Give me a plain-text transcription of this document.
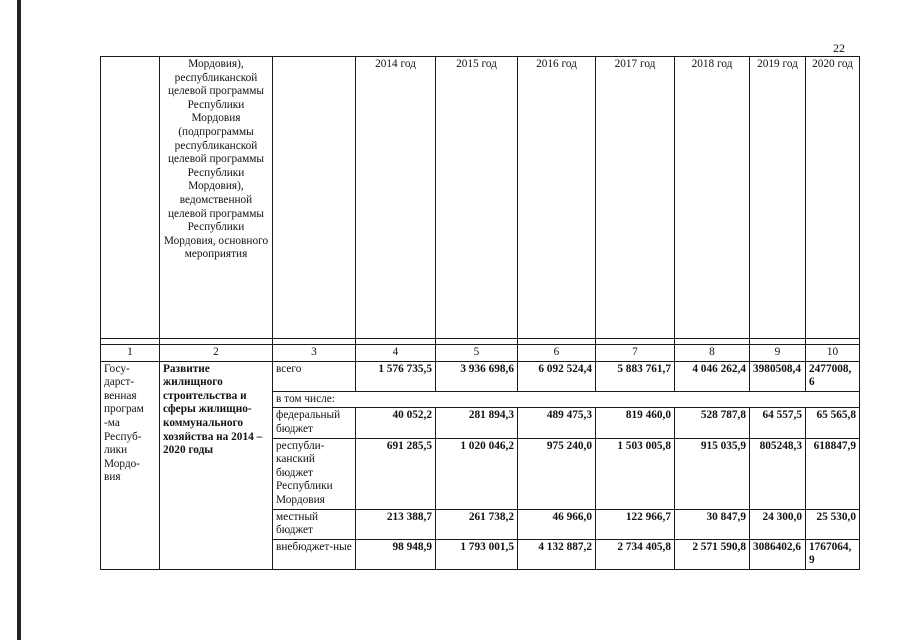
22
	Мордовия), республиканской целевой программы Республики Мордовия (подпрограммы республиканской целевой программы Республики Мордовия), ведомственной целевой программы Республики Мордовия, основного мероприятия		2014 год	2015 год	2016 год	2017 год	2018 год	2019 год	2020 год

1	2	3	4	5	6	7	8	9	10
Госу-дарст-венная програм -ма Респуб-лики Мордо-вия	Развитие жилищного строительства и сферы жилищно-коммунального хозяйства на 2014 – 2020 годы	всего	1 576 735,5	3 936 698,6	6 092 524,4	5 883 761,7	4 046 262,4	3980508,4	2477008,6
		в том числе:							
		федеральный бюджет	40 052,2	281 894,3	489 475,3	819 460,0	528 787,8	64 557,5	65 565,8
		республи-канский бюджет Республики Мордовия	691 285,5	1 020 046,2	975 240,0	1 503 005,8	915 035,9	805248,3	618847,9
		местный бюджет	213 388,7	261 738,2	46 966,0	122 966,7	30 847,9	24 300,0	25 530,0
		внебюджет-ные	98 948,9	1 793 001,5	4 132 887,2	2 734 405,8	2 571 590,8	3086402,6	1767064,9
